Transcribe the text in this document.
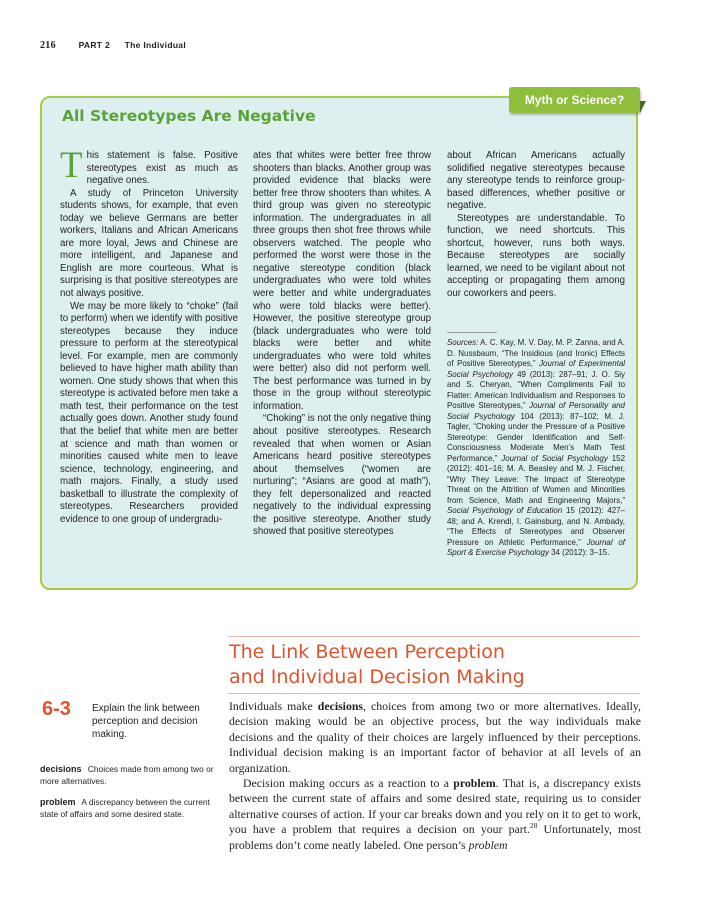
216	PART 2 The Individual
Myth or Science?
All Stereotypes Are Negative

This statement is false. Positive stereotypes exist as much as negative ones.

A study of Princeton University students shows, for example, that even today we believe Germans are better workers, Italians and African Americans are more loyal, Jews and Chinese are more intelligent, and Japanese and English are more courteous. What is surprising is that positive stereotypes are not always positive.

We may be more likely to “choke” (fail to perform) when we identify with positive stereotypes because they induce pressure to perform at the stereotypical level. For example, men are commonly believed to have higher math ability than women. One study shows that when this stereotype is activated before men take a math test, their performance on the test actually goes down. Another study found that the belief that white men are better at science and math than women or minorities caused white men to leave science, technology, engineering, and math majors. Finally, a study used basketball to illustrate the complexity of stereotypes. Researchers provided evidence to one group of undergradu-

ates that whites were better free throw shooters than blacks. Another group was provided evidence that blacks were better free throw shooters than whites. A third group was given no stereotypic information. The undergraduates in all three groups then shot free throws while observers watched. The people who performed the worst were those in the negative stereotype condition (black undergraduates who were told whites were better and white undergraduates who were told blacks were better). However, the positive stereotype group (black undergraduates who were told blacks were better and white undergraduates who were told whites were better) also did not perform well. The best performance was turned in by those in the group without stereotypic information.

“Choking” is not the only negative thing about positive stereotypes. Research revealed that when women or Asian Americans heard positive stereotypes about themselves (“women are nurturing”; “Asians are good at math”), they felt depersonalized and reacted negatively to the individual expressing the positive stereotype. Another study showed that positive stereotypes

about African Americans actually solidified negative stereotypes because any stereotype tends to reinforce group-based differences, whether positive or negative.

Stereotypes are understandable. To function, we need shortcuts. This shortcut, however, runs both ways. Because stereotypes are socially learned, we need to be vigilant about not accepting or propagating them among our coworkers and peers.

Sources: A. C. Kay, M. V. Day, M. P. Zanna, and A. D. Nussbaum, “The Insidious (and Ironic) Effects of Positive Stereotypes,” Journal of Experimental Social Psychology 49 (2013): 287–91; J. O. Siy and S. Cheryan, “When Compliments Fail to Flatter: American Individualism and Responses to Positive Stereotypes,” Journal of Personality and Social Psychology 104 (2013): 87–102; M. J. Tagler, “Choking under the Pressure of a Positive Stereotype: Gender Identification and Self-Consciousness Moderate Men’s Math Test Performance,” Journal of Social Psychology 152 (2012): 401–16; M. A. Beasley and M. J. Fischer, “Why They Leave: The Impact of Stereotype Threat on the Attrition of Women and Minorities from Science, Math and Engineering Majors,” Social Psychology of Education 15 (2012): 427–48; and A. Krendl, I. Gainsburg, and N. Ambady, “The Effects of Stereotypes and Observer Pressure on Athletic Performance,” Journal of Sport & Exercise Psychology 34 (2012): 3–15.
The Link Between Perception
and Individual Decision Making
6-3 Explain the link between perception and decision making.
decisions Choices made from among two or more alternatives.
problem A discrepancy between the current state of affairs and some desired state.

Individuals make decisions, choices from among two or more alternatives. Ideally, decision making would be an objective process, but the way individuals make decisions and the quality of their choices are largely influenced by their perceptions. Individual decision making is an important factor of behavior at all levels of an organization.

Decision making occurs as a reaction to a problem. That is, a discrepancy exists between the current state of affairs and some desired state, requiring us to consider alternative courses of action. If your car breaks down and you rely on it to get to work, you have a problem that requires a decision on your part.$^{28}$ Unfortunately, most problems don’t come neatly labeled. One person’s problem
